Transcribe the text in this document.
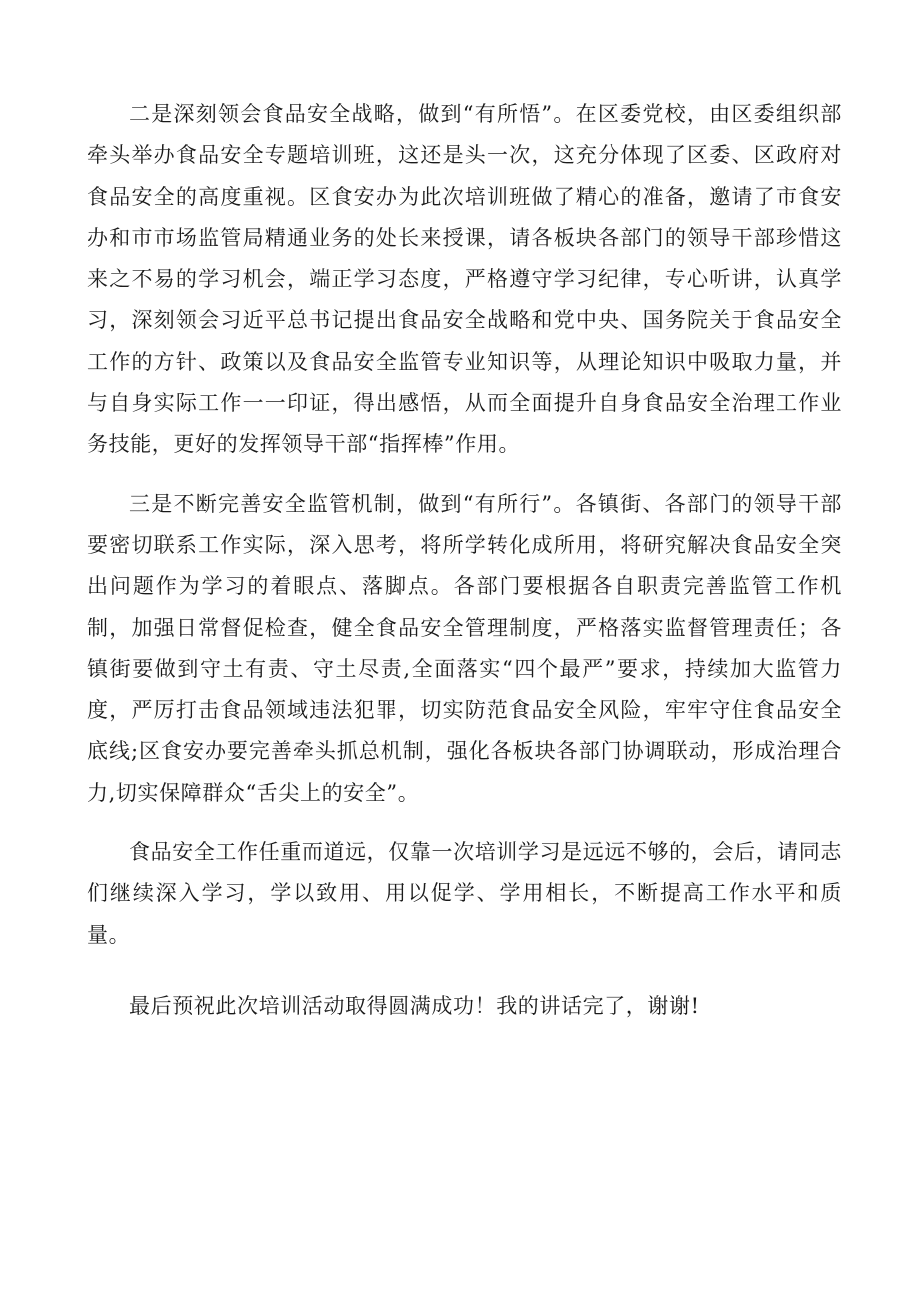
二是深刻领会食品安全战略，做到“有所悟”。在区委党校，由区委组织部牵头举办食品安全专题培训班，这还是头一次，这充分体现了区委、区政府对食品安全的高度重视。区食安办为此次培训班做了精心的准备，邀请了市食安办和市市场监管局精通业务的处长来授课，请各板块各部门的领导干部珍惜这来之不易的学习机会，端正学习态度，严格遵守学习纪律，专心听讲，认真学习，深刻领会习近平总书记提出食品安全战略和党中央、国务院关于食品安全工作的方针、政策以及食品安全监管专业知识等，从理论知识中吸取力量，并与自身实际工作一一印证，得出感悟，从而全面提升自身食品安全治理工作业务技能，更好的发挥领导干部“指挥棒”作用。

三是不断完善安全监管机制，做到“有所行”。各镇街、各部门的领导干部要密切联系工作实际，深入思考，将所学转化成所用，将研究解决食品安全突出问题作为学习的着眼点、落脚点。各部门要根据各自职责完善监管工作机制，加强日常督促检查，健全食品安全管理制度，严格落实监督管理责任；各镇街要做到守土有责、守土尽责,全面落实“四个最严”要求，持续加大监管力度，严厉打击食品领域违法犯罪，切实防范食品安全风险，牢牢守住食品安全底线;区食安办要完善牵头抓总机制，强化各板块各部门协调联动，形成治理合力,切实保障群众“舌尖上的安全”。

食品安全工作任重而道远，仅靠一次培训学习是远远不够的，会后，请同志们继续深入学习，学以致用、用以促学、学用相长，不断提高工作水平和质量。

最后预祝此次培训活动取得圆满成功！我的讲话完了，谢谢!
